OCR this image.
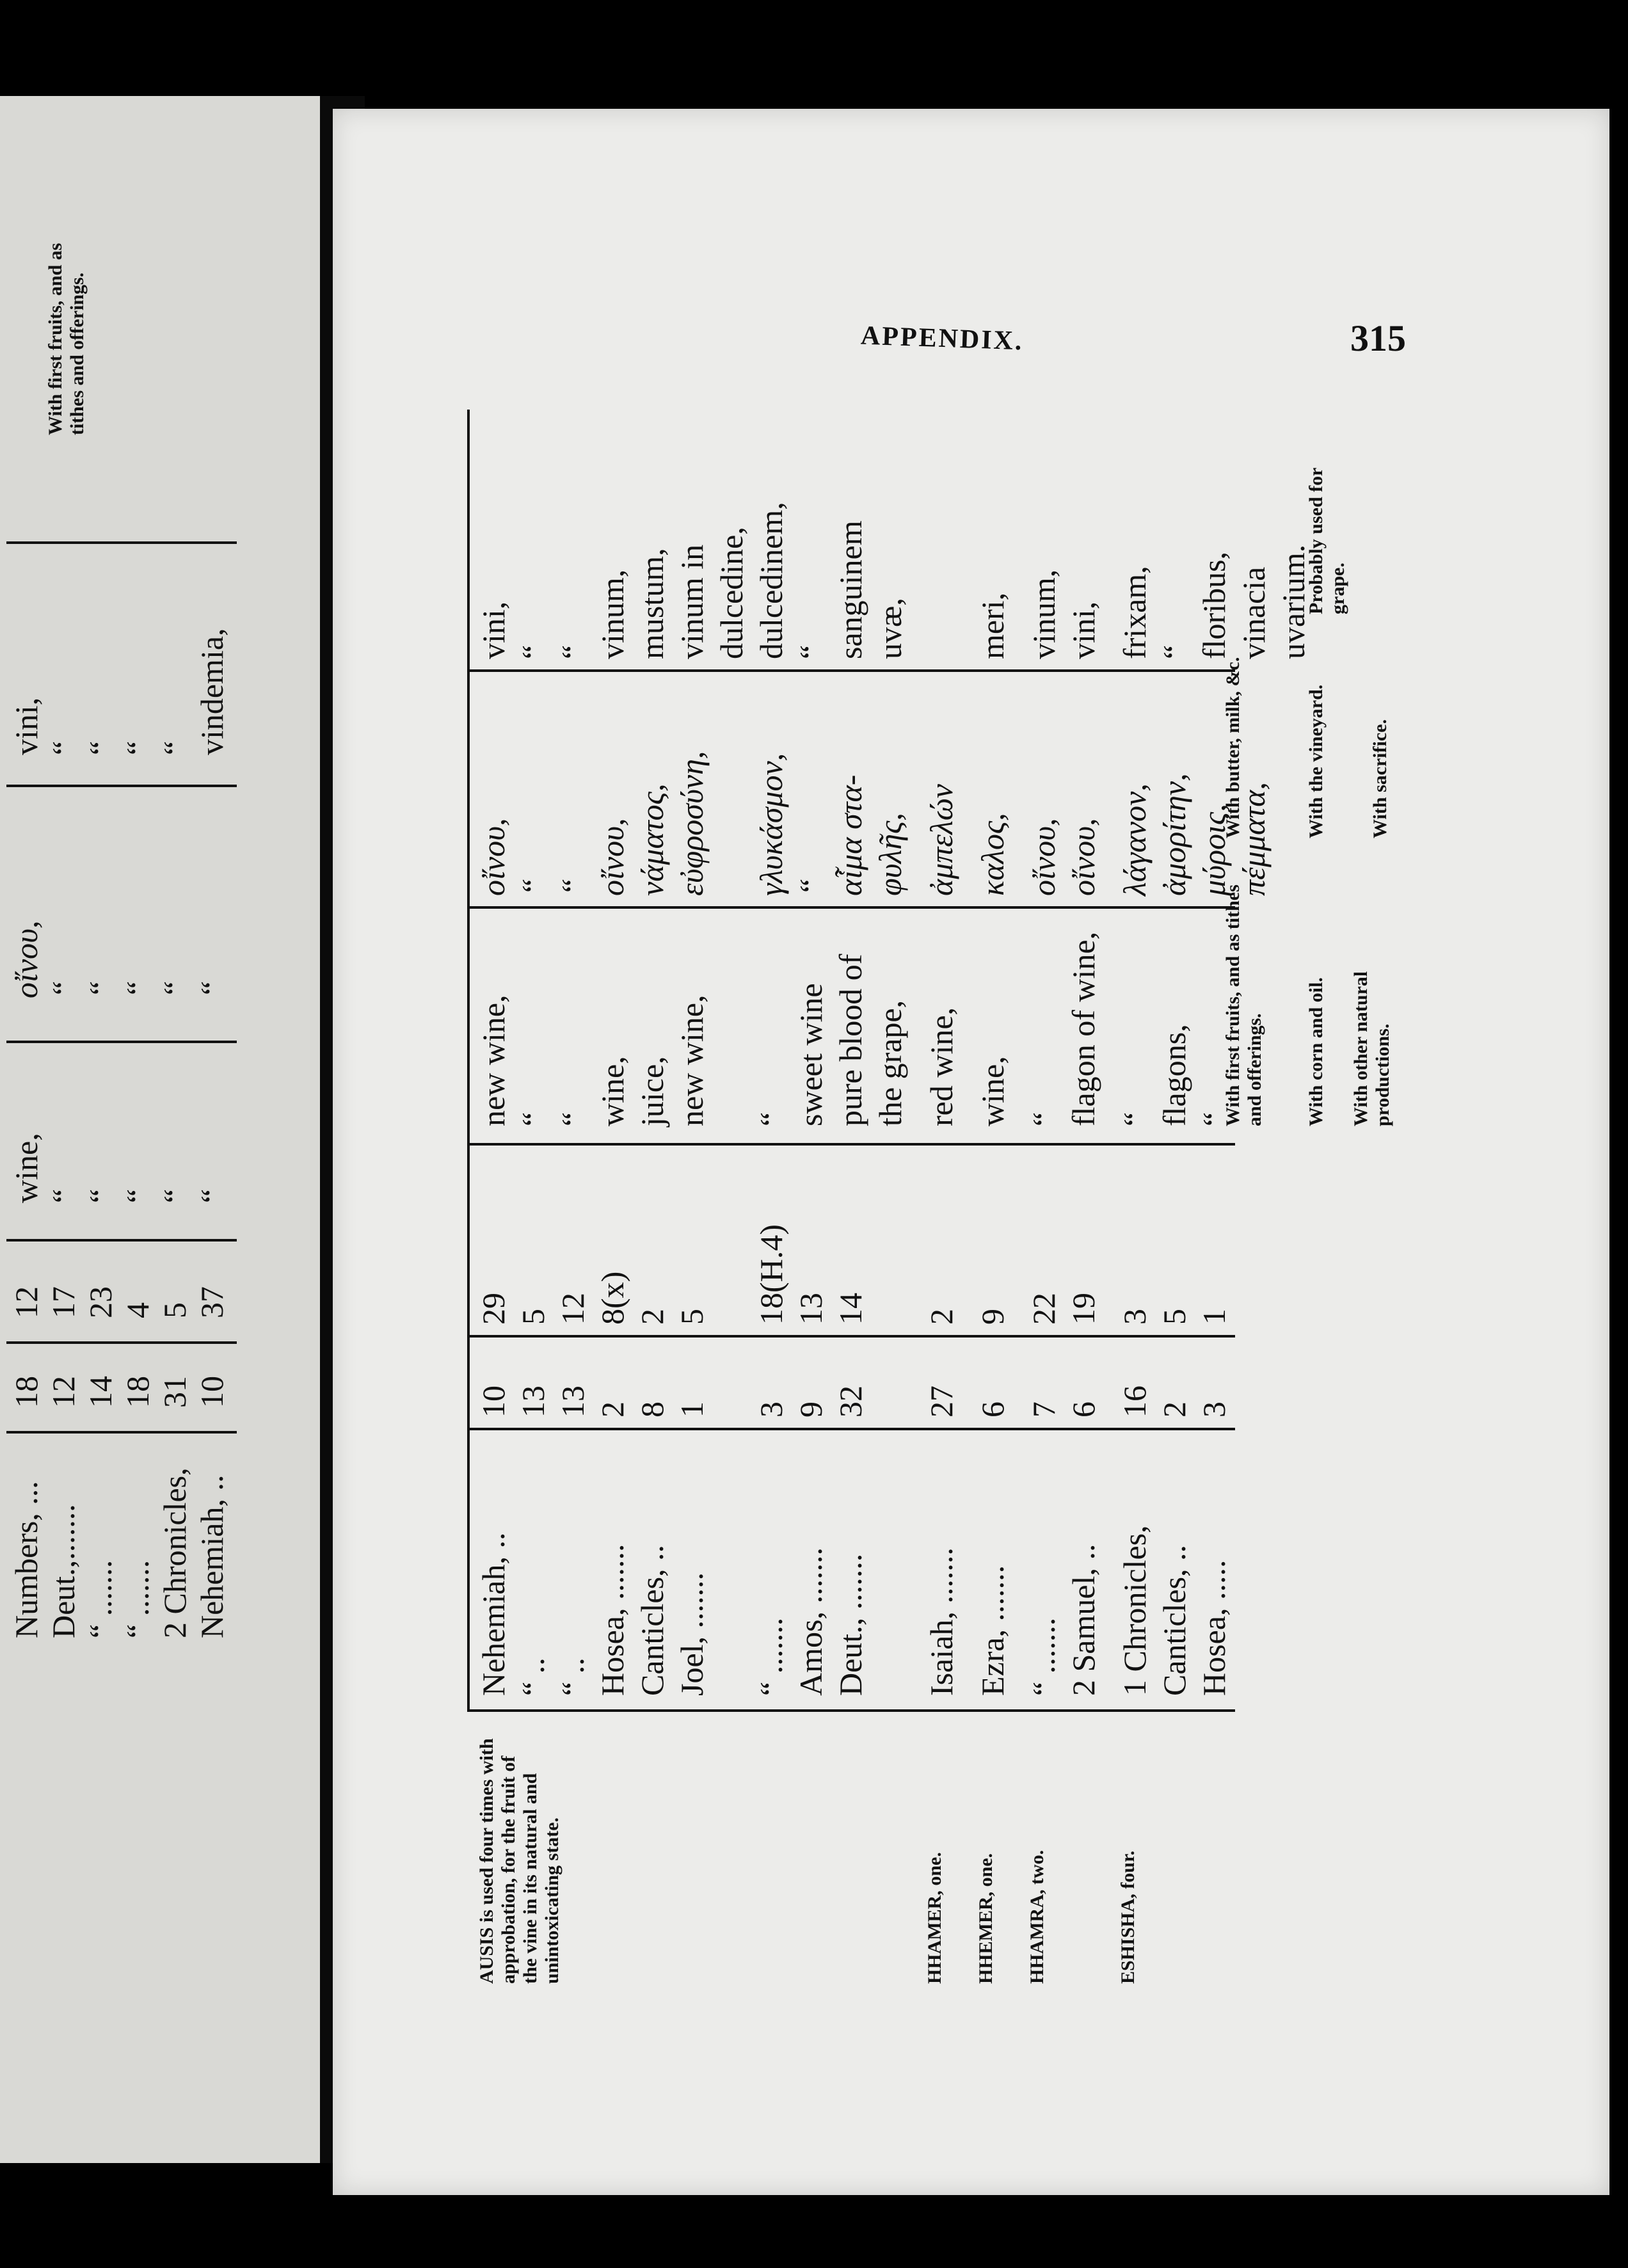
APPENDIX.	315
Numbers, ...
18
12
wine,
οἴνου,
vini,
Deut.,.......
12
17
“
“
“
“ .......
14
23
“
“
“
“ .......
18
4
“
“
“
2 Chronicles,
31
5
“
“
“
Nehemiah, ..
10
37
“
“
vindemia,
With first fruits, and as tithes and offerings.
Nehemiah, ..
10
29
new wine,
οἴνου,
vini,
“ ..
13
5
“
“
“
“ ..
13
12
“
“
“
Hosea, .......
2
8(x)
wine,
οἴνου,
vinum,
Canticles, ..
8
2
juice,
νάματος,
mustum,
Joel, .......
1
5
new wine,
εὐφροσύνη,
vinum in dulcedine,
“ .......
3
18(H.4)
“
γλυκάσμον,
dulcedinem,
Amos, .......
9
13
sweet wine
“
“
Deut., .......
32
14
pure blood of
αἷμα στα-
sanguinem
the grape,
φυλῆς,
uvæ,
AUSIS is used four times with approbation, for the fruit of the vine in its natural and unintoxicating state.
Isaiah, .......
27
2
red wine,
ἀμπελών
HHAMER, one.
Ezra, .......
6
9
wine,
καλος,
meri,
HHEMER, one.
“ .......
7
22
“
οἴνου,
vinum,
2 Samuel, ..
6
19
flagon of wine,
οἴνου,
vini,
HHAMRA, two.
1 Chronicles,
16
3
“
λάγανον,
frixam,
Canticles, ..
2
5
flagons,
ἀμορίτην,
“
Hosea, .....
3
1
“
μύροις,
floribus,
πέμματα,
vinacia uvarium.
ESHISHA, four.
With first fruits, and as tithes and offerings. With corn and oil. With other natural productions.
With butter, milk, &c.	With the vineyard. With sacrifice.
Probably used for grape.
